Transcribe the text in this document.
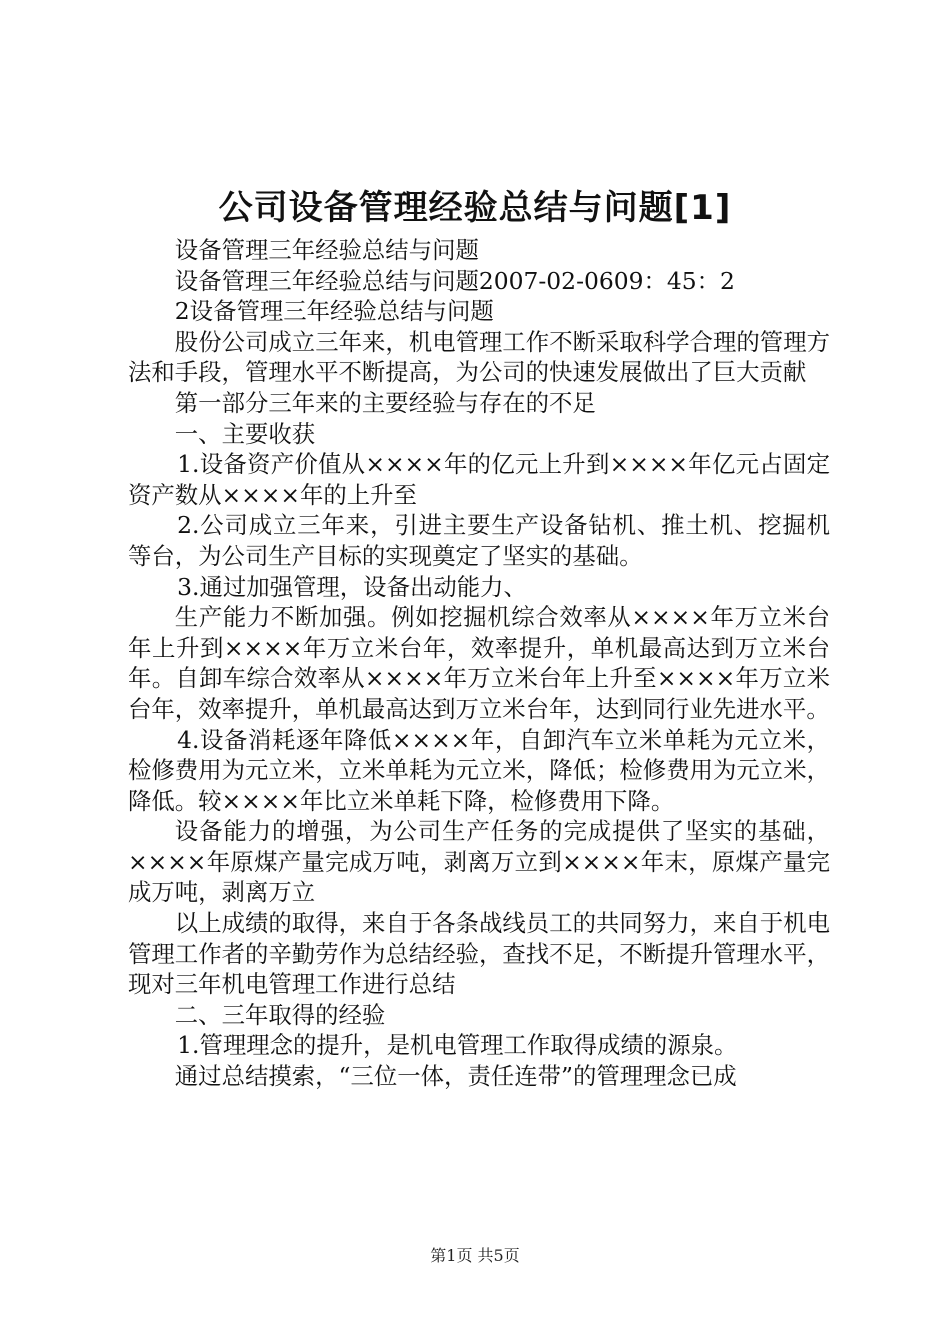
公司设备管理经验总结与问题[1]

设备管理三年经验总结与问题

设备管理三年经验总结与问题2007-02-0609：45：2

2设备管理三年经验总结与问题

股份公司成立三年来，机电管理工作不断采取科学合理的管理方法和手段，管理水平不断提高，为公司的快速发展做出了巨大贡献

第一部分三年来的主要经验与存在的不足

一、主要收获

1.设备资产价值从××××年的亿元上升到××××年亿元占固定资产数从××××年的上升至

2.公司成立三年来，引进主要生产设备钻机、推土机、挖掘机等台，为公司生产目标的实现奠定了坚实的基础。

3.通过加强管理，设备出动能力、

生产能力不断加强。例如挖掘机综合效率从××××年万立米台年上升到××××年万立米台年，效率提升，单机最高达到万立米台年。自卸车综合效率从××××年万立米台年上升至××××年万立米台年，效率提升，单机最高达到万立米台年，达到同行业先进水平。

4.设备消耗逐年降低××××年，自卸汽车立米单耗为元立米，检修费用为元立米，立米单耗为元立米，降低；检修费用为元立米，降低。较××××年比立米单耗下降，检修费用下降。

设备能力的增强，为公司生产任务的完成提供了坚实的基础，××××年原煤产量完成万吨，剥离万立到××××年末，原煤产量完成万吨，剥离万立

以上成绩的取得，来自于各条战线员工的共同努力，来自于机电管理工作者的辛勤劳作为总结经验，查找不足，不断提升管理水平，现对三年机电管理工作进行总结

二、三年取得的经验

1.管理理念的提升，是机电管理工作取得成绩的源泉。

通过总结摸索，“三位一体，责任连带”的管理理念已成

第1页 共5页
